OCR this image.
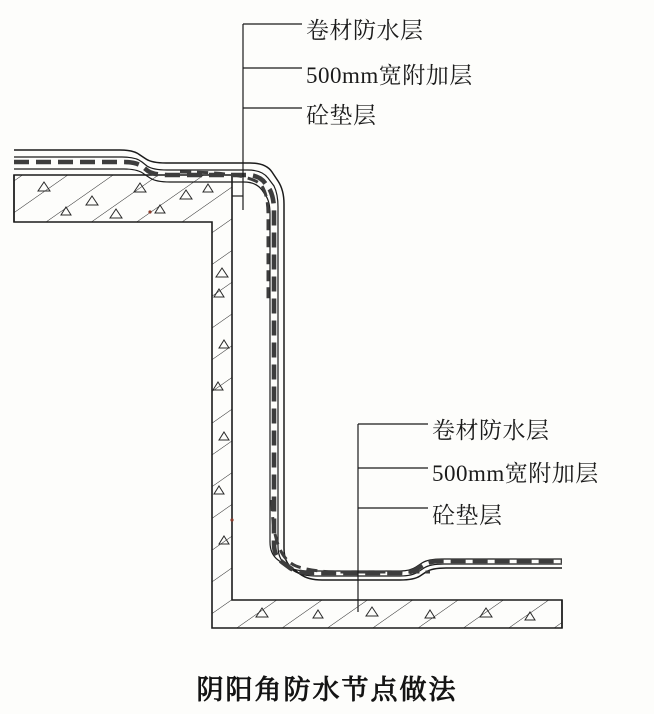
卷材防水层
500mm宽附加层
砼垫层
卷材防水层
500mm宽附加层
砼垫层
阴阳角防水节点做法
